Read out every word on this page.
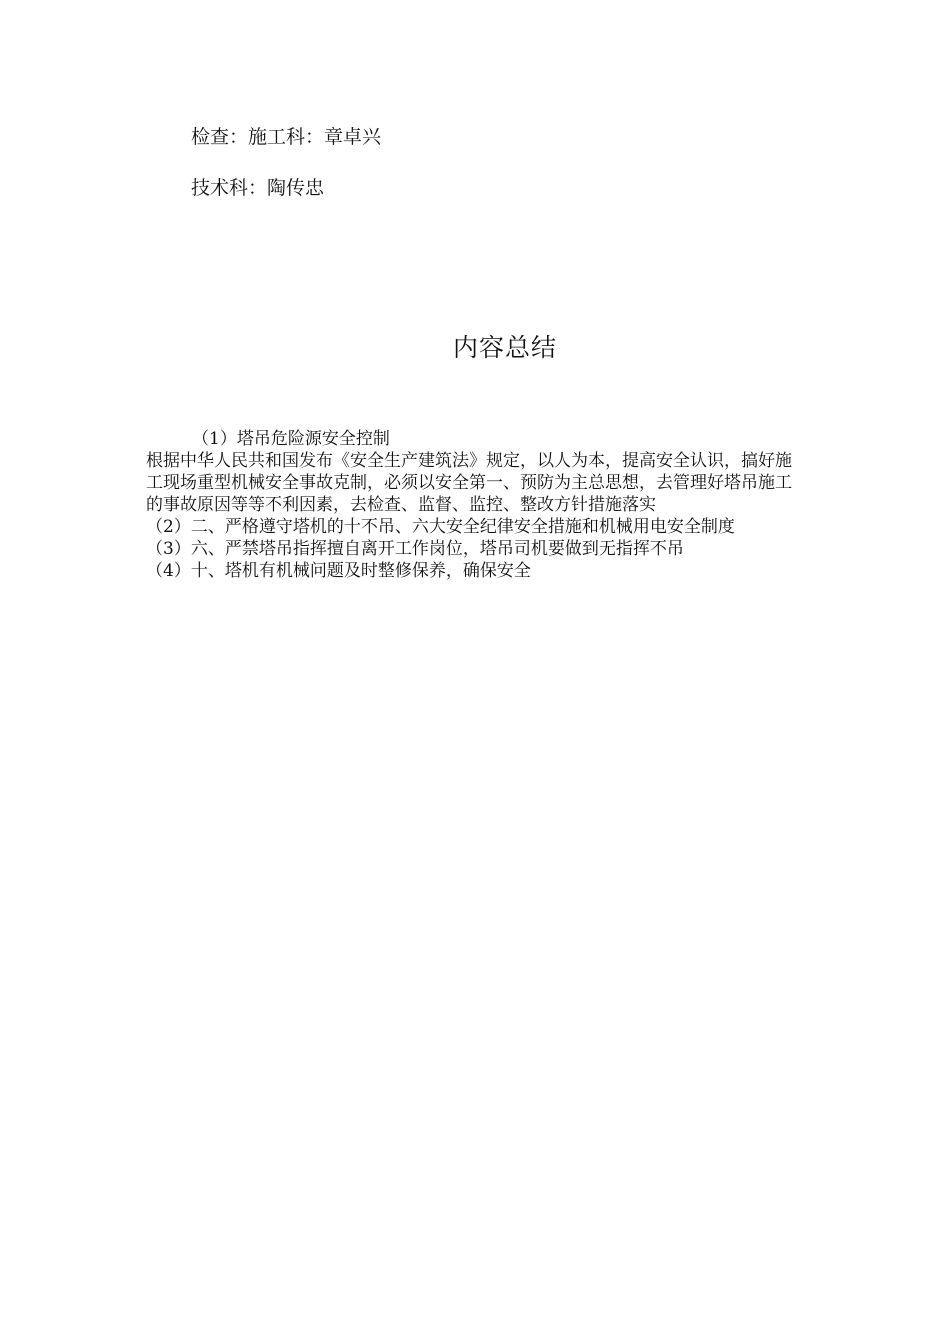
检查：施工科：章卓兴
技术科：陶传忠
内容总结

（1）塔吊危险源安全控制

根据中华人民共和国发布《安全生产建筑法》规定，以人为本，提高安全认识，搞好施工现场重型机械安全事故克制，必须以安全第一、预防为主总思想，去管理好塔吊施工的事故原因等等不利因素，去检查、监督、监控、整改方针措施落实

（2）二、严格遵守塔机的十不吊、六大安全纪律安全措施和机械用电安全制度

（3）六、严禁塔吊指挥擅自离开工作岗位，塔吊司机要做到无指挥不吊

（4）十、塔机有机械问题及时整修保养，确保安全
